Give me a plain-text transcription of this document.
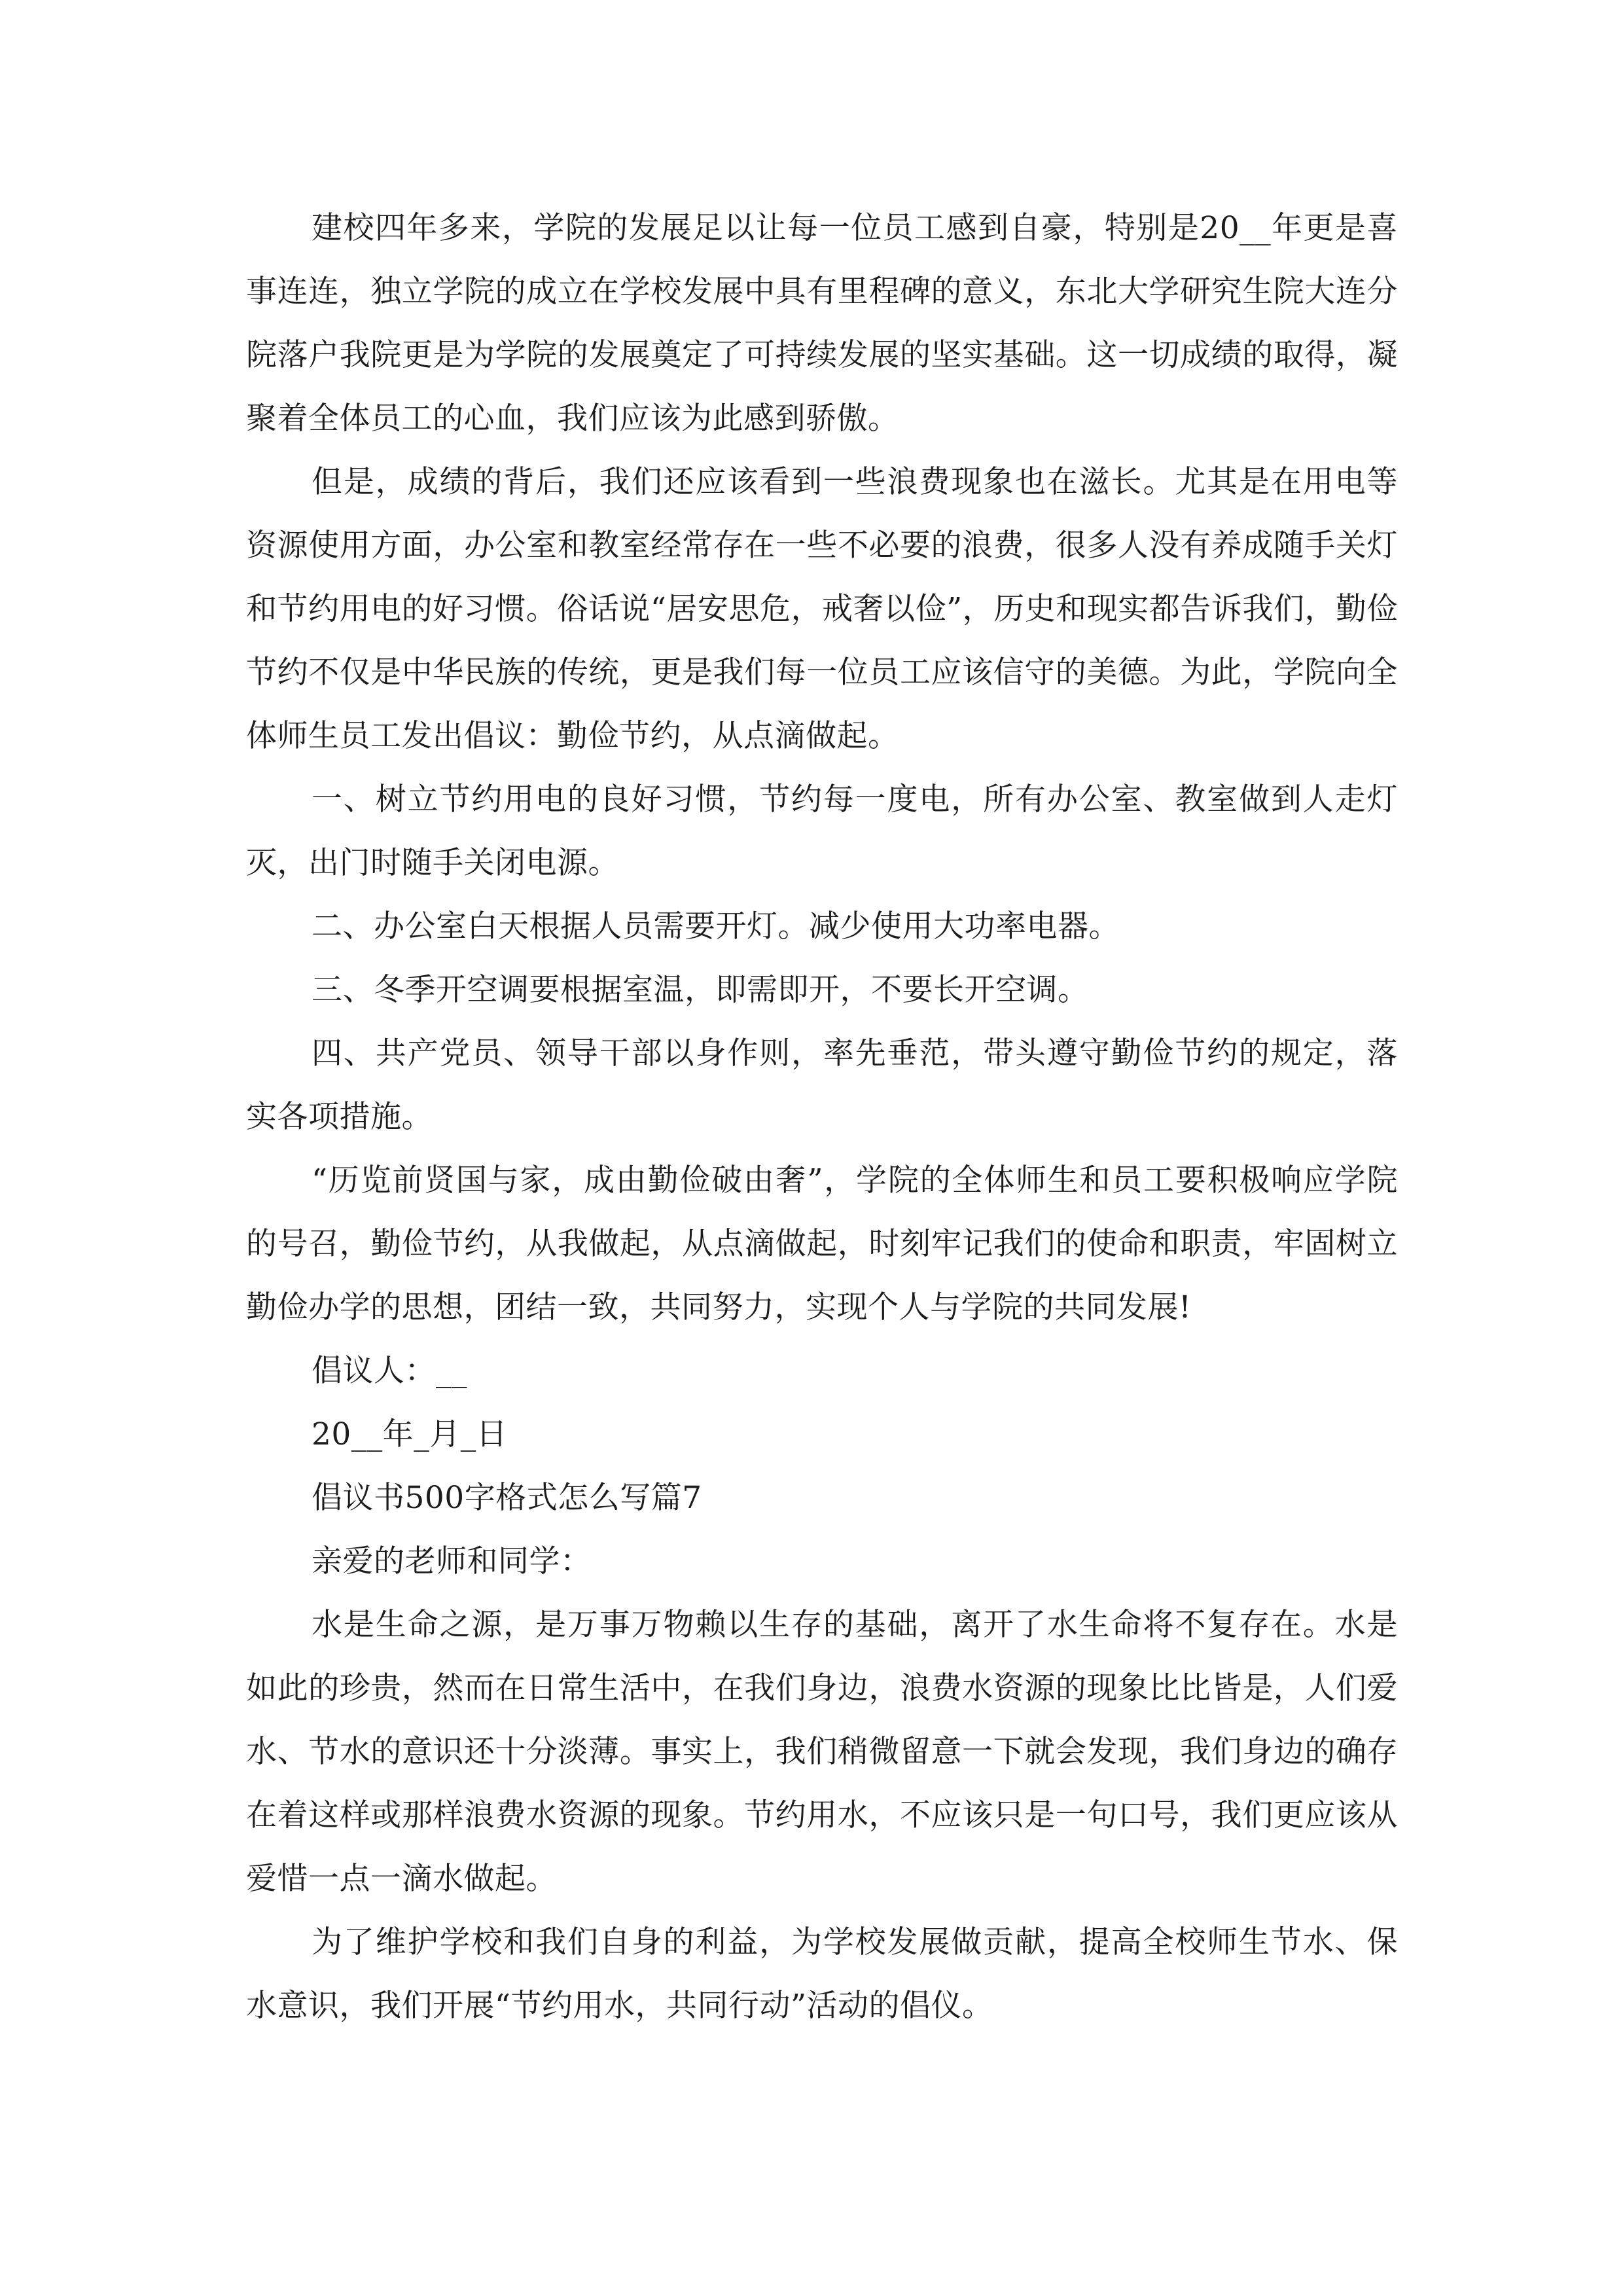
建校四年多来，学院的发展足以让每一位员工感到自豪，特别是20__年更是喜事连连，独立学院的成立在学校发展中具有里程碑的意义，东北大学研究生院大连分院落户我院更是为学院的发展奠定了可持续发展的坚实基础。这一切成绩的取得，凝聚着全体员工的心血，我们应该为此感到骄傲。

但是，成绩的背后，我们还应该看到一些浪费现象也在滋长。尤其是在用电等资源使用方面，办公室和教室经常存在一些不必要的浪费，很多人没有养成随手关灯和节约用电的好习惯。俗话说“居安思危，戒奢以俭”，历史和现实都告诉我们，勤俭节约不仅是中华民族的传统，更是我们每一位员工应该信守的美德。为此，学院向全体师生员工发出倡议：勤俭节约，从点滴做起。

一、树立节约用电的良好习惯，节约每一度电，所有办公室、教室做到人走灯灭，出门时随手关闭电源。

二、办公室白天根据人员需要开灯。减少使用大功率电器。

三、冬季开空调要根据室温，即需即开，不要长开空调。

四、共产党员、领导干部以身作则，率先垂范，带头遵守勤俭节约的规定，落实各项措施。

“历览前贤国与家，成由勤俭破由奢”，学院的全体师生和员工要积极响应学院的号召，勤俭节约，从我做起，从点滴做起，时刻牢记我们的使命和职责，牢固树立勤俭办学的思想，团结一致，共同努力，实现个人与学院的共同发展!

倡议人：__

20__年_月_日

倡议书500字格式怎么写篇7

亲爱的老师和同学：

水是生命之源，是万事万物赖以生存的基础，离开了水生命将不复存在。水是如此的珍贵，然而在日常生活中，在我们身边，浪费水资源的现象比比皆是，人们爱水、节水的意识还十分淡薄。事实上，我们稍微留意一下就会发现，我们身边的确存在着这样或那样浪费水资源的现象。节约用水，不应该只是一句口号，我们更应该从爱惜一点一滴水做起。

为了维护学校和我们自身的利益，为学校发展做贡献，提高全校师生节水、保水意识，我们开展“节约用水，共同行动”活动的倡仪。
